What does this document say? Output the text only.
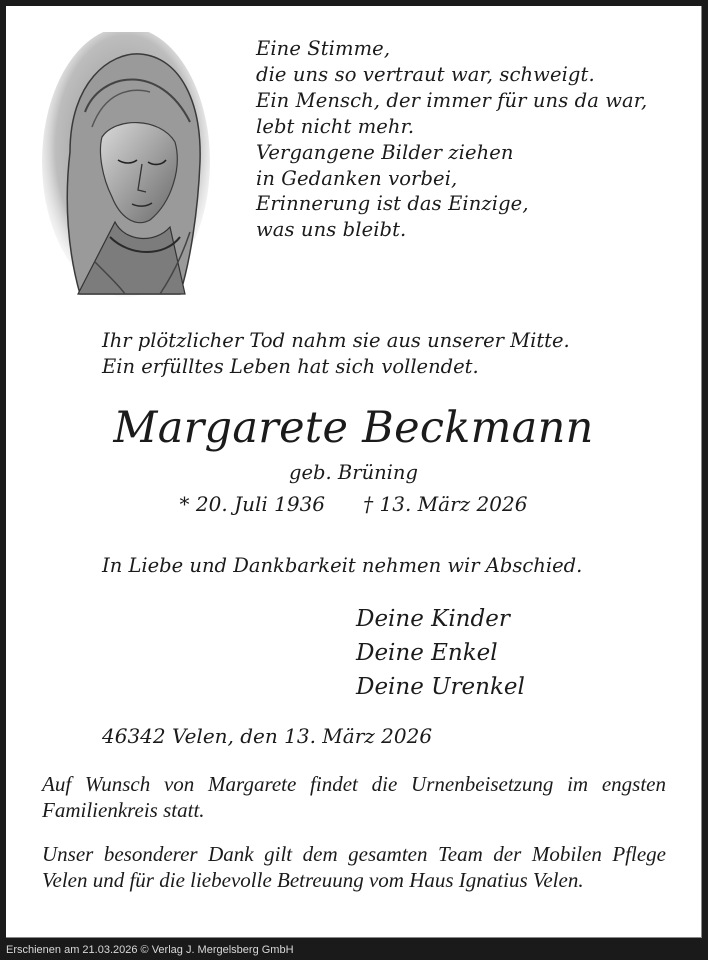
Eine Stimme,
die uns so vertraut war, schweigt.
Ein Mensch, der immer für uns da war,
lebt nicht mehr.
Vergangene Bilder ziehen
in Gedanken vorbei,
Erinnerung ist das Einzige,
was uns bleibt.
Ihr plötzlicher Tod nahm sie aus unserer Mitte.
Ein erfülltes Leben hat sich vollendet.
Margarete Beckmann
geb. Brüning
* 20. Juli 1936      † 13. März 2026
In Liebe und Dankbarkeit nehmen wir Abschied.
Deine Kinder
Deine Enkel
Deine Urenkel
46342 Velen, den 13. März 2026
Auf Wunsch von Margarete findet die Urnenbeisetzung im engsten Familienkreis statt.
Unser besonderer Dank gilt dem gesamten Team der Mobilen Pflege Velen und für die liebevolle Betreuung vom Haus Ignatius Velen.
Erschienen am 21.03.2026 © Verlag J. Mergelsberg GmbH
